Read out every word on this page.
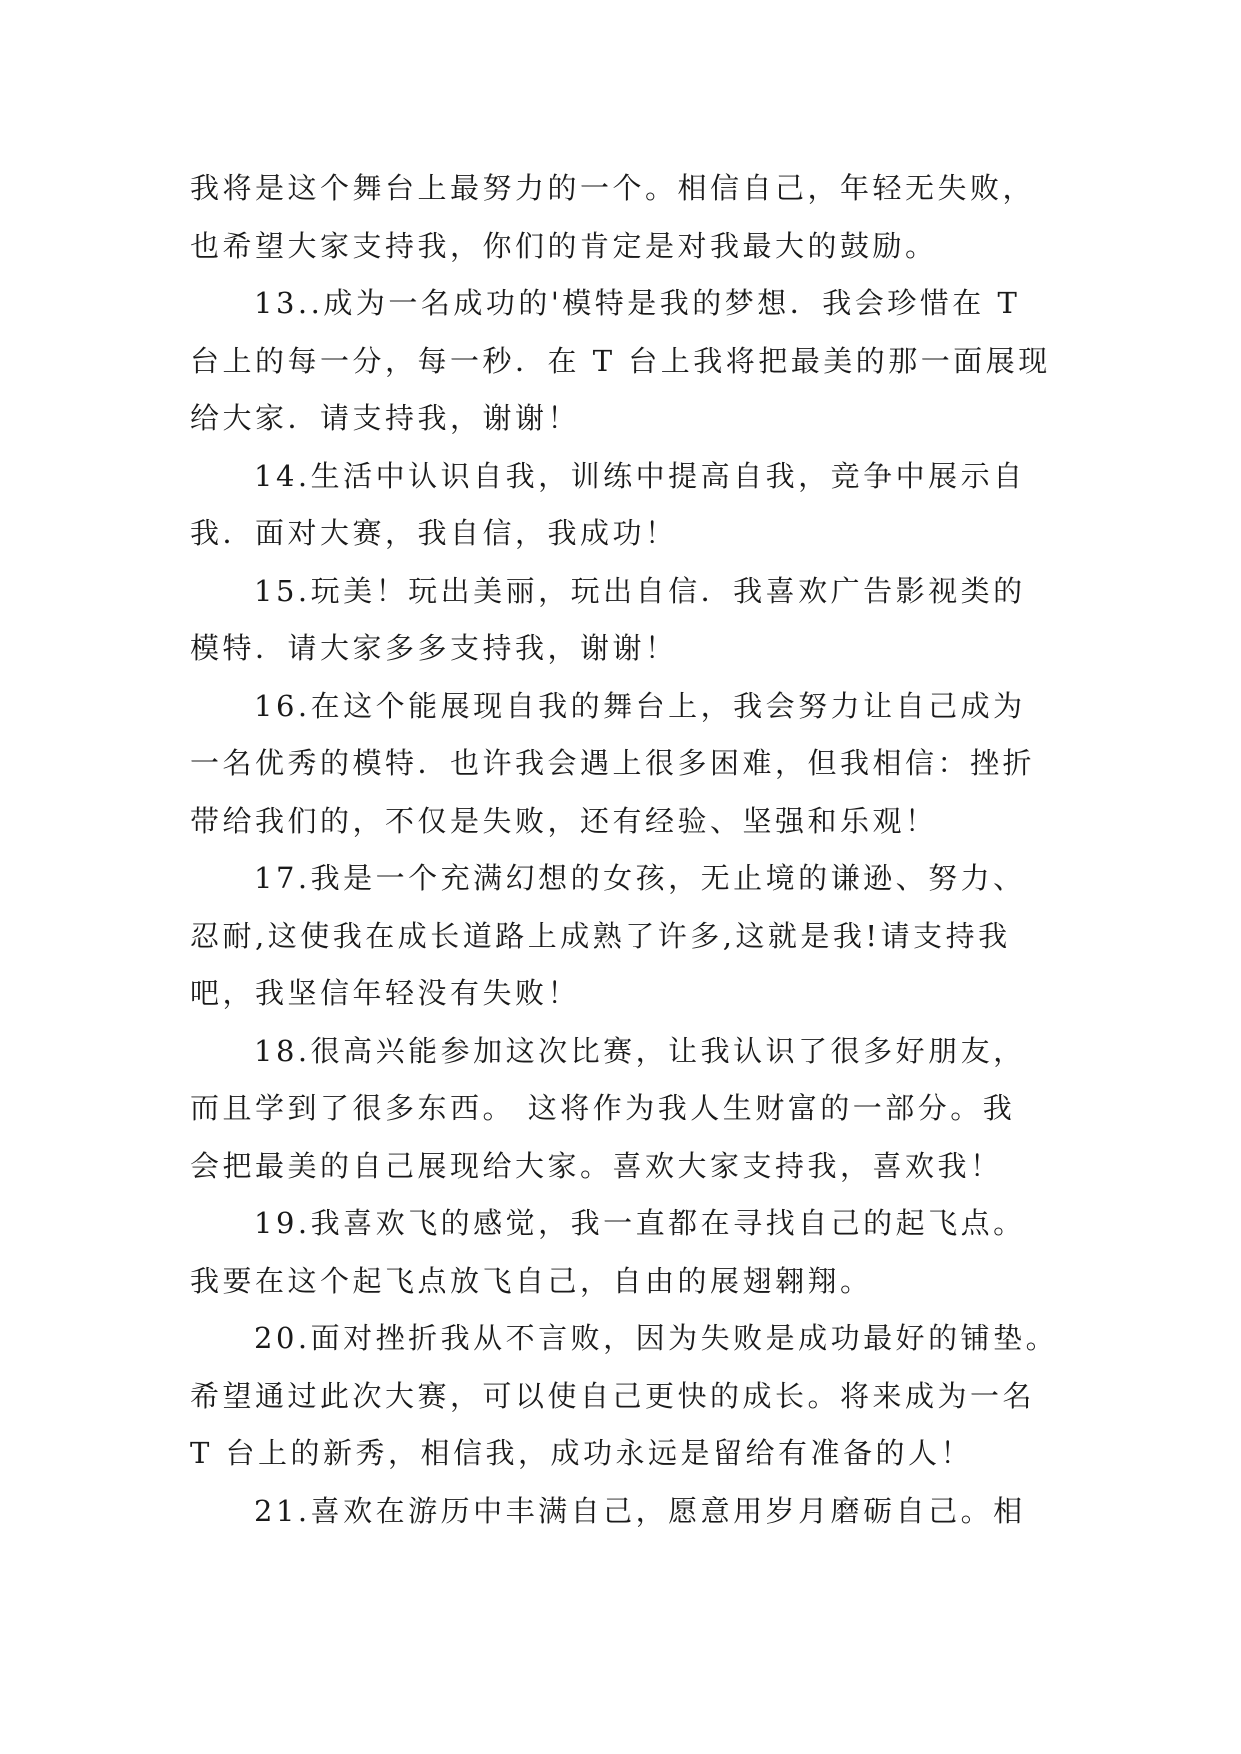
我将是这个舞台上最努力的一个。相信自己，年轻无失败，
也希望大家支持我，你们的肯定是对我最大的鼓励。
13..成为一名成功的'模特是我的梦想．我会珍惜在 T
台上的每一分，每一秒．在 T 台上我将把最美的那一面展现
给大家．请支持我，谢谢！
14.生活中认识自我，训练中提高自我，竞争中展示自
我．面对大赛，我自信，我成功！
15.玩美！玩出美丽，玩出自信．我喜欢广告影视类的
模特．请大家多多支持我，谢谢！
16.在这个能展现自我的舞台上，我会努力让自己成为
一名优秀的模特．也许我会遇上很多困难，但我相信：挫折
带给我们的，不仅是失败，还有经验、坚强和乐观！
17.我是一个充满幻想的女孩，无止境的谦逊、努力、
忍耐,这使我在成长道路上成熟了许多,这就是我!请支持我
吧，我坚信年轻没有失败！
18.很高兴能参加这次比赛，让我认识了很多好朋友，
而且学到了很多东西。 这将作为我人生财富的一部分。我
会把最美的自己展现给大家。喜欢大家支持我，喜欢我！
19.我喜欢飞的感觉，我一直都在寻找自己的起飞点。
我要在这个起飞点放飞自己，自由的展翅翱翔。
20.面对挫折我从不言败，因为失败是成功最好的铺垫。
希望通过此次大赛，可以使自己更快的成长。将来成为一名
T 台上的新秀，相信我，成功永远是留给有准备的人！
21.喜欢在游历中丰满自己，愿意用岁月磨砺自己。相
